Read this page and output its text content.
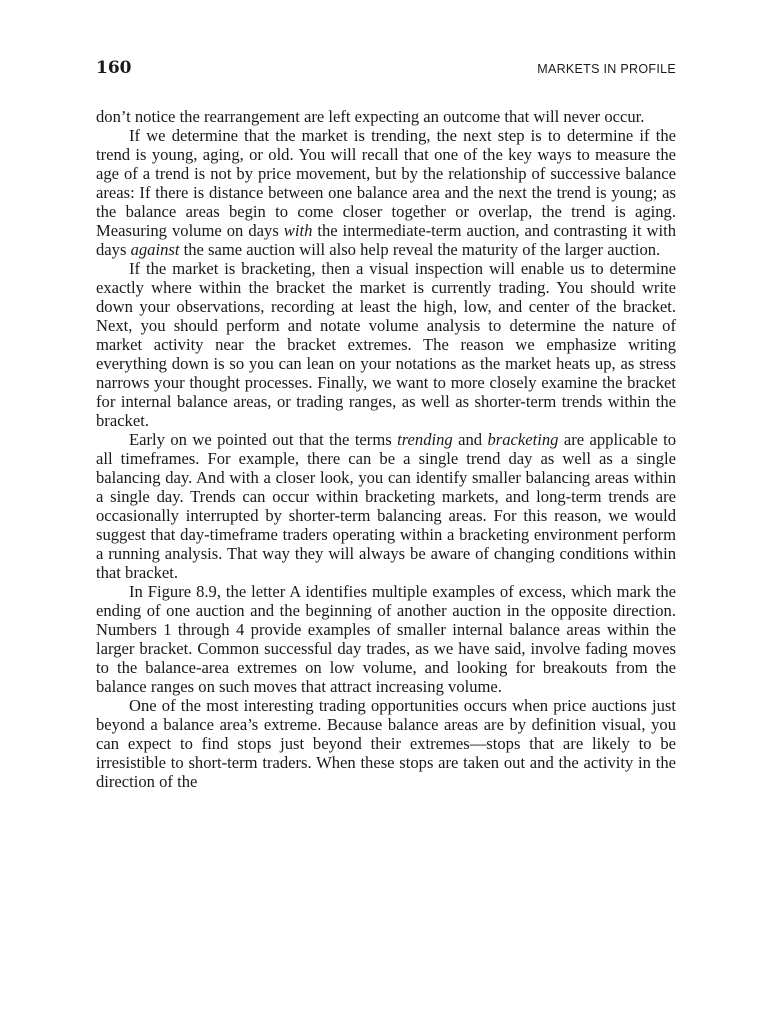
160	MARKETS IN PROFILE

don’t notice the rearrangement are left expecting an outcome that will never occur.

If we determine that the market is trending, the next step is to determine if the trend is young, aging, or old. You will recall that one of the key ways to measure the age of a trend is not by price movement, but by the relationship of successive balance areas: If there is distance between one balance area and the next the trend is young; as the balance areas begin to come closer together or overlap, the trend is aging. Measuring volume on days with the intermediate-term auction, and contrasting it with days against the same auction will also help reveal the maturity of the larger auction.

If the market is bracketing, then a visual inspection will enable us to determine exactly where within the bracket the market is currently trading. You should write down your observations, recording at least the high, low, and center of the bracket. Next, you should perform and notate volume analysis to determine the nature of market activity near the bracket extremes. The reason we emphasize writing everything down is so you can lean on your notations as the market heats up, as stress narrows your thought processes. Finally, we want to more closely examine the bracket for internal balance areas, or trading ranges, as well as shorter-term trends within the bracket.

Early on we pointed out that the terms trending and bracketing are applicable to all timeframes. For example, there can be a single trend day as well as a single balancing day. And with a closer look, you can identify smaller balancing areas within a single day. Trends can occur within bracketing markets, and long-term trends are occasionally interrupted by shorter-term balancing areas. For this reason, we would suggest that day-timeframe traders operating within a bracketing environment perform a running analysis. That way they will always be aware of changing conditions within that bracket.

In Figure 8.9, the letter A identifies multiple examples of excess, which mark the ending of one auction and the beginning of another auction in the opposite direction. Numbers 1 through 4 provide examples of smaller internal balance areas within the larger bracket. Common successful day trades, as we have said, involve fading moves to the balance-area extremes on low volume, and looking for breakouts from the balance ranges on such moves that attract increasing volume.

One of the most interesting trading opportunities occurs when price auctions just beyond a balance area’s extreme. Because balance areas are by definition visual, you can expect to find stops just beyond their extremes—stops that are likely to be irresistible to short-term traders. When these stops are taken out and the activity in the direction of the
